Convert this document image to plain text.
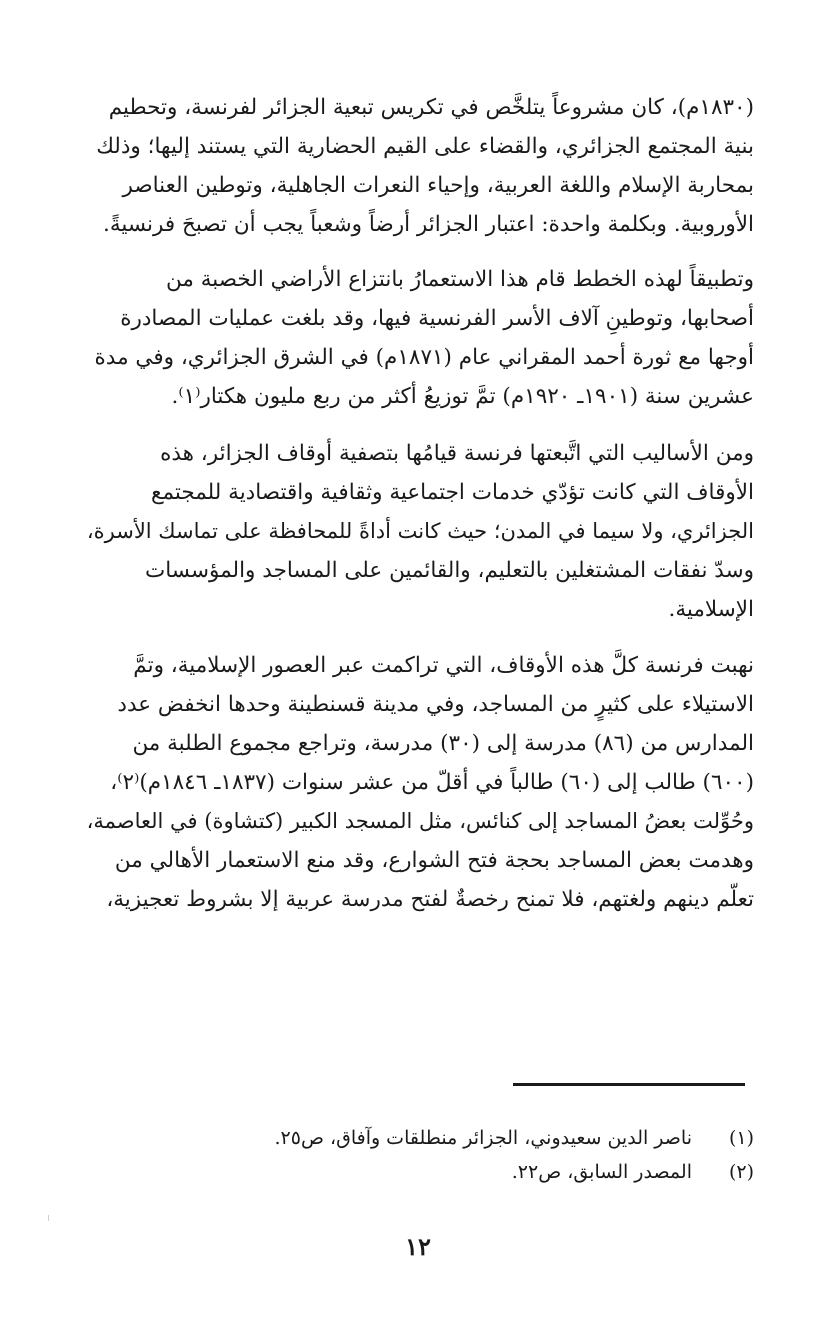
(١٨٣٠م)، كان مشروعاً يتلخَّص في تكريس تبعية الجزائر لفرنسة، وتحطيم
بنية المجتمع الجزائري، والقضاء على القيم الحضارية التي يستند إليها؛ وذلك
بمحاربة الإسلام واللغة العربية، وإحياء النعرات الجاهلية، وتوطين العناصر
الأوروبية. وبكلمة واحدة: اعتبار الجزائر أرضاً وشعباً يجب أن تصبحَ فرنسيةً.

وتطبيقاً لهذه الخطط قام هذا الاستعمارُ بانتزاع الأراضي الخصبة من
أصحابها، وتوطينِ آلاف الأسر الفرنسية فيها، وقد بلغت عمليات المصادرة
أوجها مع ثورة أحمد المقراني عام (١٨٧١م) في الشرق الجزائري، وفي مدة
عشرين سنة (١٩٠١ـ ١٩٢٠م) تمَّ توزيعُ أكثر من ربع مليون هكتار⁽١⁾.

ومن الأساليب التي اتَّبعتها فرنسة قيامُها بتصفية أوقاف الجزائر، هذه
الأوقاف التي كانت تؤدّي خدمات اجتماعية وثقافية واقتصادية للمجتمع
الجزائري، ولا سيما في المدن؛ حيث كانت أداةً للمحافظة على تماسك الأسرة،
وسدّ نفقات المشتغلين بالتعليم، والقائمين على المساجد والمؤسسات
الإسلامية.

نهبت فرنسة كلَّ هذه الأوقاف، التي تراكمت عبر العصور الإسلامية، وتمَّ
الاستيلاء على كثيرٍ من المساجد، وفي مدينة قسنطينة وحدها انخفض عدد
المدارس من (٨٦) مدرسة إلى (٣٠) مدرسة، وتراجع مجموع الطلبة من
(٦٠٠) طالب إلى (٦٠) طالباً في أقلّ من عشر سنوات (١٨٣٧ـ ١٨٤٦م)⁽٢⁾،
وحُوِّلت بعضُ المساجد إلى كنائس، مثل المسجد الكبير (كتشاوة) في العاصمة،
وهدمت بعض المساجد بحجة فتح الشوارع، وقد منع الاستعمار الأهالي من
تعلّم دينهم ولغتهم، فلا تمنح رخصةٌ لفتح مدرسة عربية إلا بشروط تعجيزية،

(١)
ناصر الدين سعيدوني، الجزائر منطلقات وآفاق، ص٢٥.
(٢)
المصدر السابق، ص٢٢.
١٢
